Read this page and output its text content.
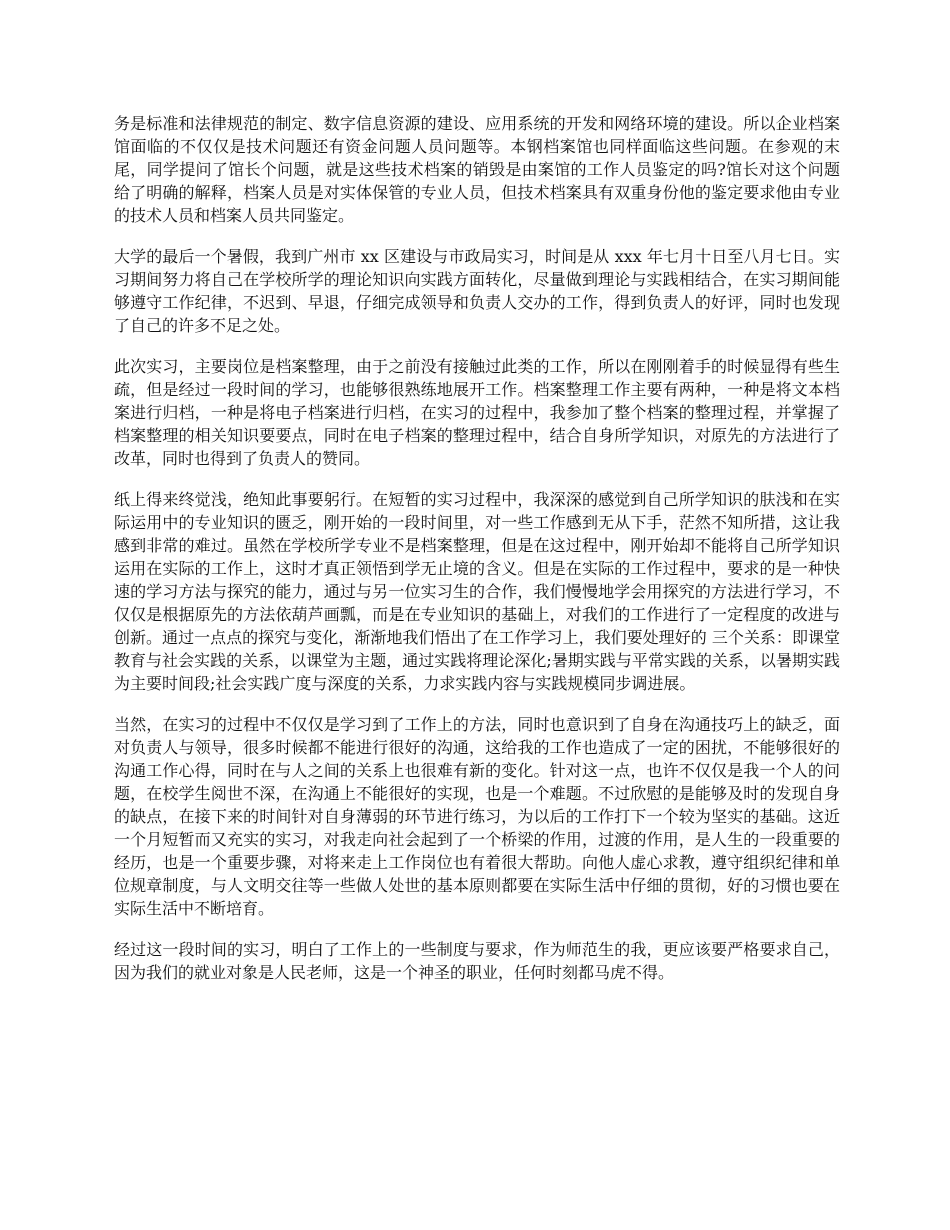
务是标准和法律规范的制定、数字信息资源的建设、应用系统的开发和网络环境的建设。所以企业档案馆面临的不仅仅是技术问题还有资金问题人员问题等。本钢档案馆也同样面临这些问题。在参观的末尾，同学提问了馆长个问题，就是这些技术档案的销毁是由案馆的工作人员鉴定的吗?馆长对这个问题给了明确的解释，档案人员是对实体保管的专业人员，但技术档案具有双重身份他的鉴定要求他由专业的技术人员和档案人员共同鉴定。

大学的最后一个暑假，我到广州市 xx 区建设与市政局实习，时间是从 xxx 年七月十日至八月七日。实习期间努力将自己在学校所学的理论知识向实践方面转化，尽量做到理论与实践相结合，在实习期间能够遵守工作纪律，不迟到、早退，仔细完成领导和负责人交办的工作，得到负责人的好评，同时也发现了自己的许多不足之处。

此次实习，主要岗位是档案整理，由于之前没有接触过此类的工作，所以在刚刚着手的时候显得有些生疏，但是经过一段时间的学习，也能够很熟练地展开工作。档案整理工作主要有两种，一种是将文本档案进行归档，一种是将电子档案进行归档，在实习的过程中，我参加了整个档案的整理过程，并掌握了档案整理的相关知识要要点，同时在电子档案的整理过程中，结合自身所学知识，对原先的方法进行了改革，同时也得到了负责人的赞同。

纸上得来终觉浅，绝知此事要躬行。在短暂的实习过程中，我深深的感觉到自己所学知识的肤浅和在实际运用中的专业知识的匮乏，刚开始的一段时间里，对一些工作感到无从下手，茫然不知所措，这让我感到非常的难过。虽然在学校所学专业不是档案整理，但是在这过程中，刚开始却不能将自己所学知识运用在实际的工作上，这时才真正领悟到学无止境的含义。但是在实际的工作过程中，要求的是一种快速的学习方法与探究的能力，通过与另一位实习生的合作，我们慢慢地学会用探究的方法进行学习，不仅仅是根据原先的方法依葫芦画瓢，而是在专业知识的基础上，对我们的工作进行了一定程度的改进与创新。通过一点点的探究与变化，渐渐地我们悟出了在工作学习上，我们要处理好的 三个关系：即课堂教育与社会实践的关系，以课堂为主题，通过实践将理论深化;暑期实践与平常实践的关系，以暑期实践为主要时间段;社会实践广度与深度的关系，力求实践内容与实践规模同步调进展。

当然，在实习的过程中不仅仅是学习到了工作上的方法，同时也意识到了自身在沟通技巧上的缺乏，面对负责人与领导，很多时候都不能进行很好的沟通，这给我的工作也造成了一定的困扰，不能够很好的沟通工作心得，同时在与人之间的关系上也很难有新的变化。针对这一点，也许不仅仅是我一个人的问题，在校学生阅世不深，在沟通上不能很好的实现，也是一个难题。不过欣慰的是能够及时的发现自身的缺点，在接下来的时间针对自身薄弱的环节进行练习，为以后的工作打下一个较为坚实的基础。这近一个月短暂而又充实的实习，对我走向社会起到了一个桥梁的作用，过渡的作用，是人生的一段重要的经历，也是一个重要步骤，对将来走上工作岗位也有着很大帮助。向他人虚心求教，遵守组织纪律和单位规章制度，与人文明交往等一些做人处世的基本原则都要在实际生活中仔细的贯彻，好的习惯也要在实际生活中不断培育。

经过这一段时间的实习，明白了工作上的一些制度与要求，作为师范生的我，更应该要严格要求自己，因为我们的就业对象是人民老师，这是一个神圣的职业，任何时刻都马虎不得。
